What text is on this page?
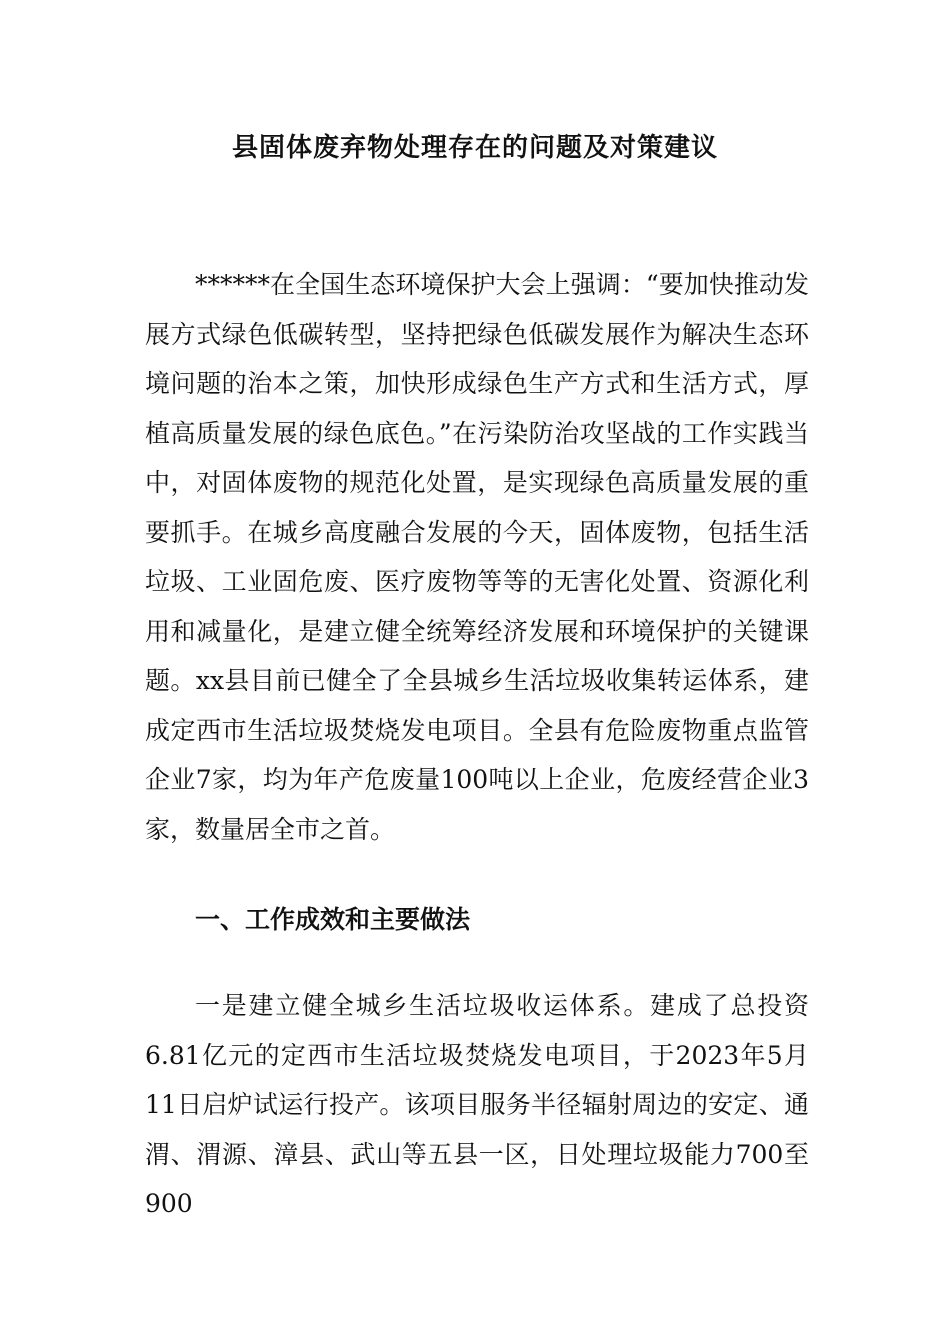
县固体废弃物处理存在的问题及对策建议

******在全国生态环境保护大会上强调：“要加快推动发展方式绿色低碳转型，坚持把绿色低碳发展作为解决生态环境问题的治本之策，加快形成绿色生产方式和生活方式，厚植高质量发展的绿色底色。”在污染防治攻坚战的工作实践当中，对固体废物的规范化处置，是实现绿色高质量发展的重要抓手。在城乡高度融合发展的今天，固体废物，包括生活垃圾、工业固危废、医疗废物等等的无害化处置、资源化利用和减量化，是建立健全统筹经济发展和环境保护的关键课题。xx县目前已健全了全县城乡生活垃圾收集转运体系，建成定西市生活垃圾焚烧发电项目。全县有危险废物重点监管企业7家，均为年产危废量100吨以上企业，危废经营企业3家，数量居全市之首。

一、工作成效和主要做法

一是建立健全城乡生活垃圾收运体系。建成了总投资6.81亿元的定西市生活垃圾焚烧发电项目，于2023年5月11日启炉试运行投产。该项目服务半径辐射周边的安定、通渭、渭源、漳县、武山等五县一区，日处理垃圾能力700至900
